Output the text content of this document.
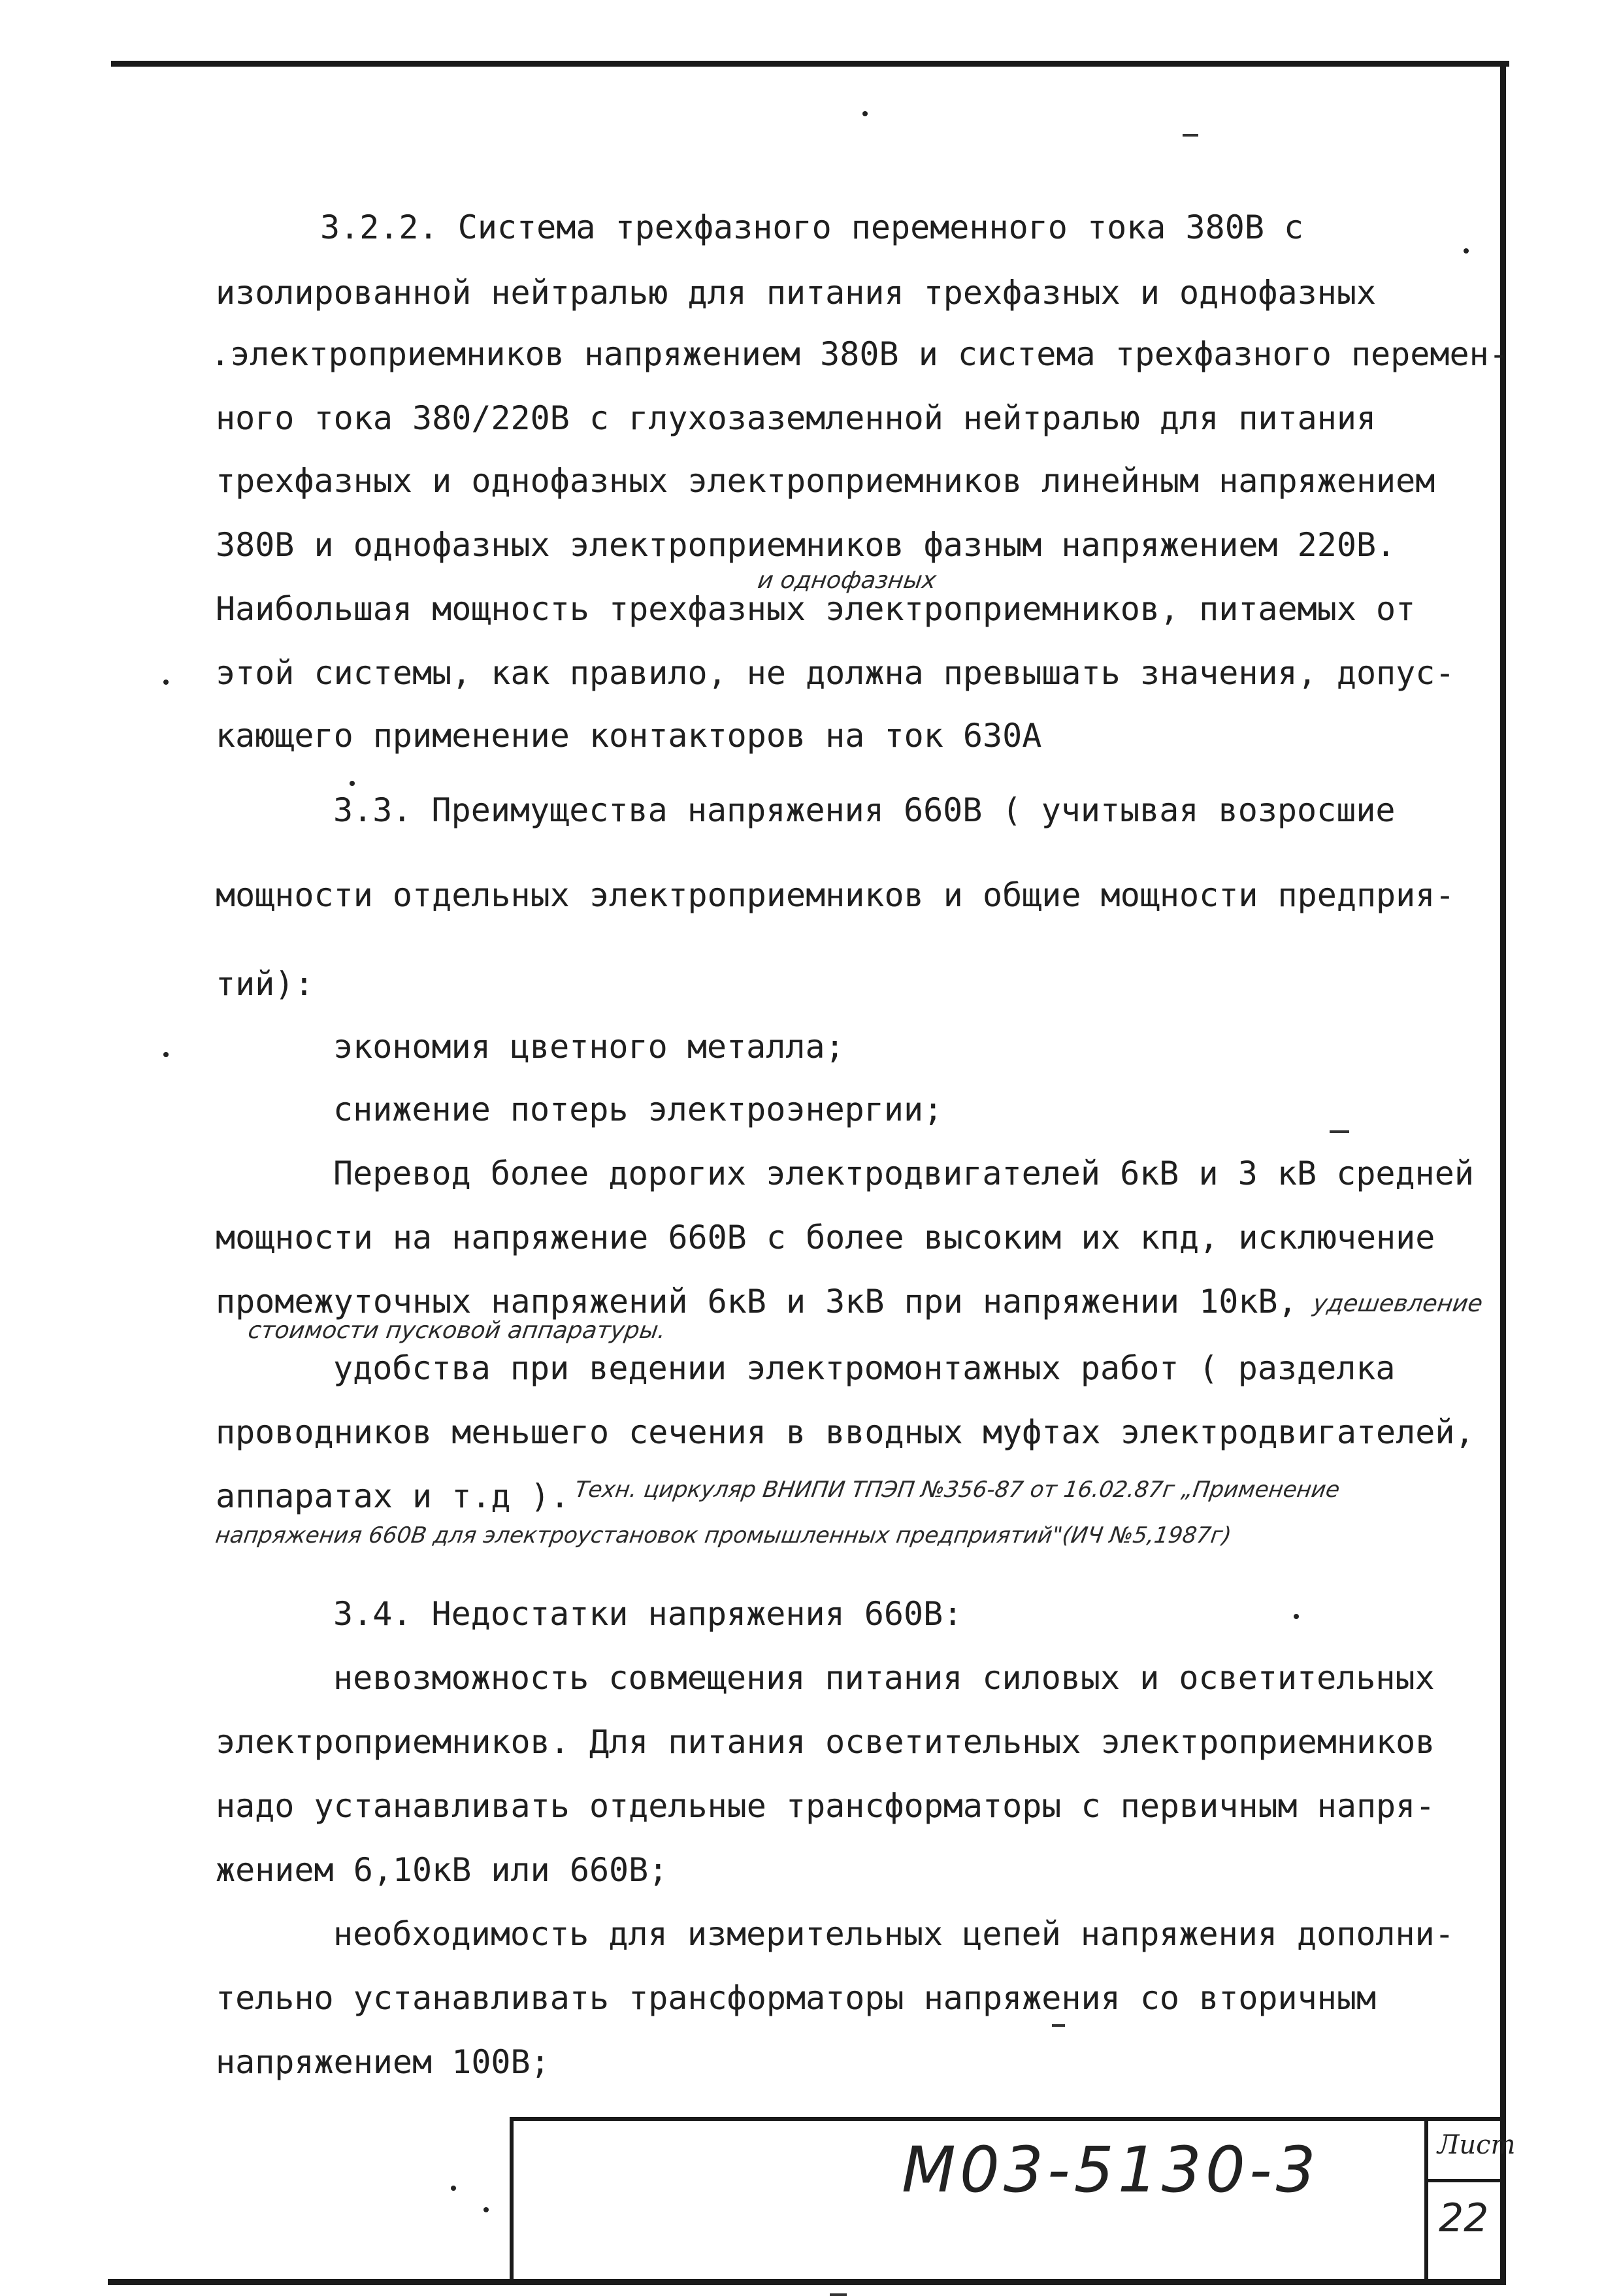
3.2.2. Система трехфазного переменного тока 380В с
изолированной нейтралью для питания трехфазных и однофазных
.электроприемников напряжением 380В и система трехфазного перемен-
ного тока 380/220В с глухозаземленной нейтралью для питания
трехфазных и однофазных электроприемников линейным напряжением
380В и однофазных электроприемников фазным напряжением 220В.
и однофазных
Наибольшая мощность трехфазных электроприемников, питаемых от
этой системы, как правило, не должна превышать значения, допус-
кающего применение контакторов на ток 630А
3.3. Преимущества напряжения 660В ( учитывая возросшие
мощности отдельных электроприемников и общие мощности предприя-
тий):
экономия цветного металла;
снижение потерь электроэнергии;
Перевод более дорогих электродвигателей 6кВ и 3 кВ средней
мощности на напряжение 660В с более высоким их кпд, исключение
промежуточных напряжений 6кВ и 3кВ при напряжении 10кВ, удешевление
стоимости пусковой аппаратуры.
удобства при ведении электромонтажных работ ( разделка
проводников меньшего сечения в вводных муфтах электродвигателей,
аппаратах и т.д ). Техн. циркуляр ВНИПИ ТПЭП №356-87 от 16.02.87г „Применение
напряжения 660В для электроустановок промышленных предприятий"(ИЧ №5,1987г)
3.4. Недостатки напряжения 660В:
невозможность совмещения питания силовых и осветительных
электроприемников. Для питания осветительных электроприемников
надо устанавливать отдельные трансформаторы с первичным напря-
жением 6,10кВ или 660В;
необходимость для измерительных цепей напряжения дополни-
тельно устанавливать трансформаторы напряжения со вторичным
напряжением 100В;
М03-5130-3	Лист
22
